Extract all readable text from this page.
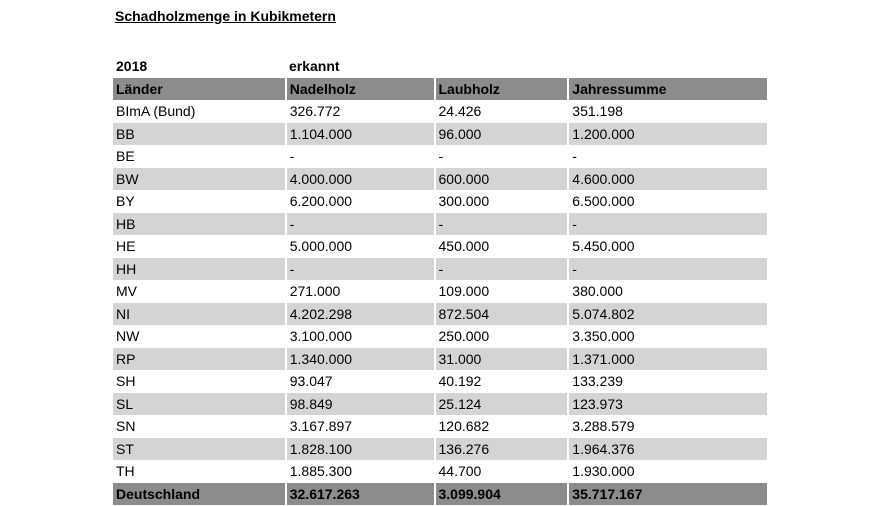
Schadholzmenge in Kubikmetern
2018	erkannt
Länder	Nadelholz	Laubholz	Jahressumme
BImA (Bund)	326.772	24.426	351.198
BB	1.104.000	96.000	1.200.000
BE	-	-	-
BW	4.000.000	600.000	4.600.000
BY	6.200.000	300.000	6.500.000
HB	-	-	-
HE	5.000.000	450.000	5.450.000
HH	-	-	-
MV	271.000	109.000	380.000
NI	4.202.298	872.504	5.074.802
NW	3.100.000	250.000	3.350.000
RP	1.340.000	31.000	1.371.000
SH	93.047	40.192	133.239
SL	98.849	25.124	123.973
SN	3.167.897	120.682	3.288.579
ST	1.828.100	136.276	1.964.376
TH	1.885.300	44.700	1.930.000
Deutschland	32.617.263	3.099.904	35.717.167
